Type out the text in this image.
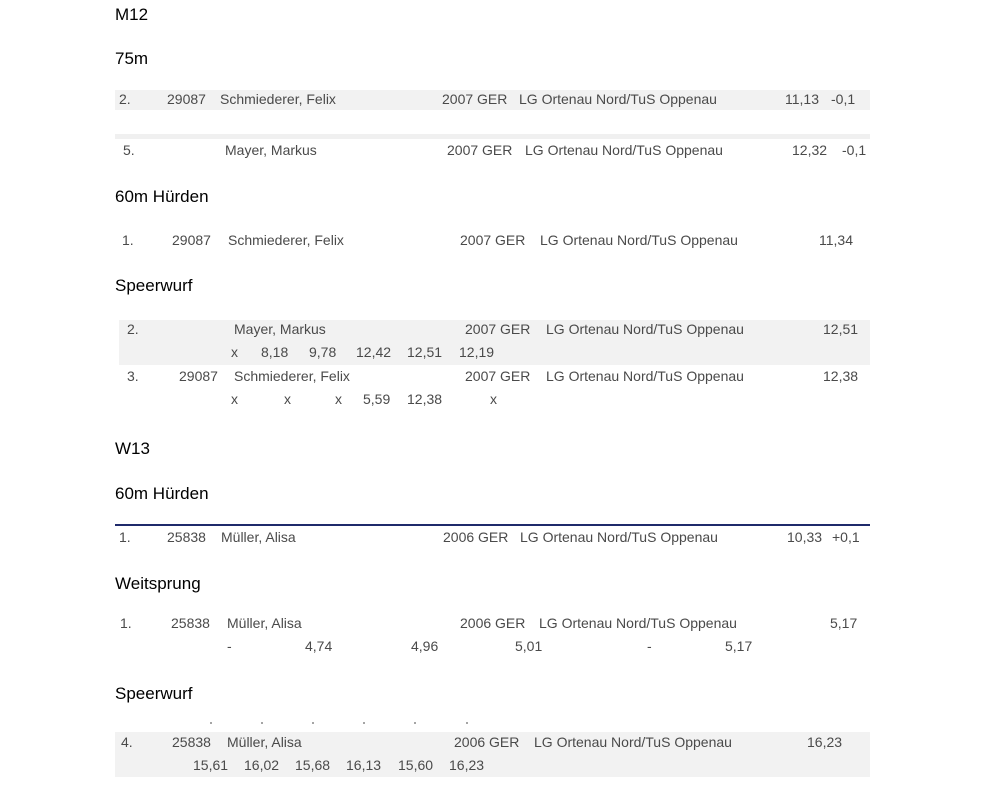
M12
75m
2.	29087 Schmiederer, Felix	2007 GER LG Ortenau Nord/TuS Oppenau	11,13 -0,1
5.	Mayer, Markus	2007 GER LG Ortenau Nord/TuS Oppenau	12,32 -0,1
60m Hürden
1.	29087 Schmiederer, Felix	2007 GER LG Ortenau Nord/TuS Oppenau	11,34
Speerwurf
2.	Mayer, Markus	2007 GER LG Ortenau Nord/TuS Oppenau	12,51
x 8,18 9,78 12,42 12,51 12,19
3.	29087 Schmiederer, Felix	2007 GER LG Ortenau Nord/TuS Oppenau	12,38
x	x	x 5,59 12,38	x
W13
60m Hürden
1.	25838 Müller, Alisa	2006 GER LG Ortenau Nord/TuS Oppenau	10,33 +0,1
Weitsprung
1.	25838 Müller, Alisa	2006 GER LG Ortenau Nord/TuS Oppenau	5,17
-	4,74	4,96	5,01	-	5,17
Speerwurf
4.	25838 Müller, Alisa	2006 GER LG Ortenau Nord/TuS Oppenau	16,23
15,61 16,02 15,68 16,13 15,60 16,23
